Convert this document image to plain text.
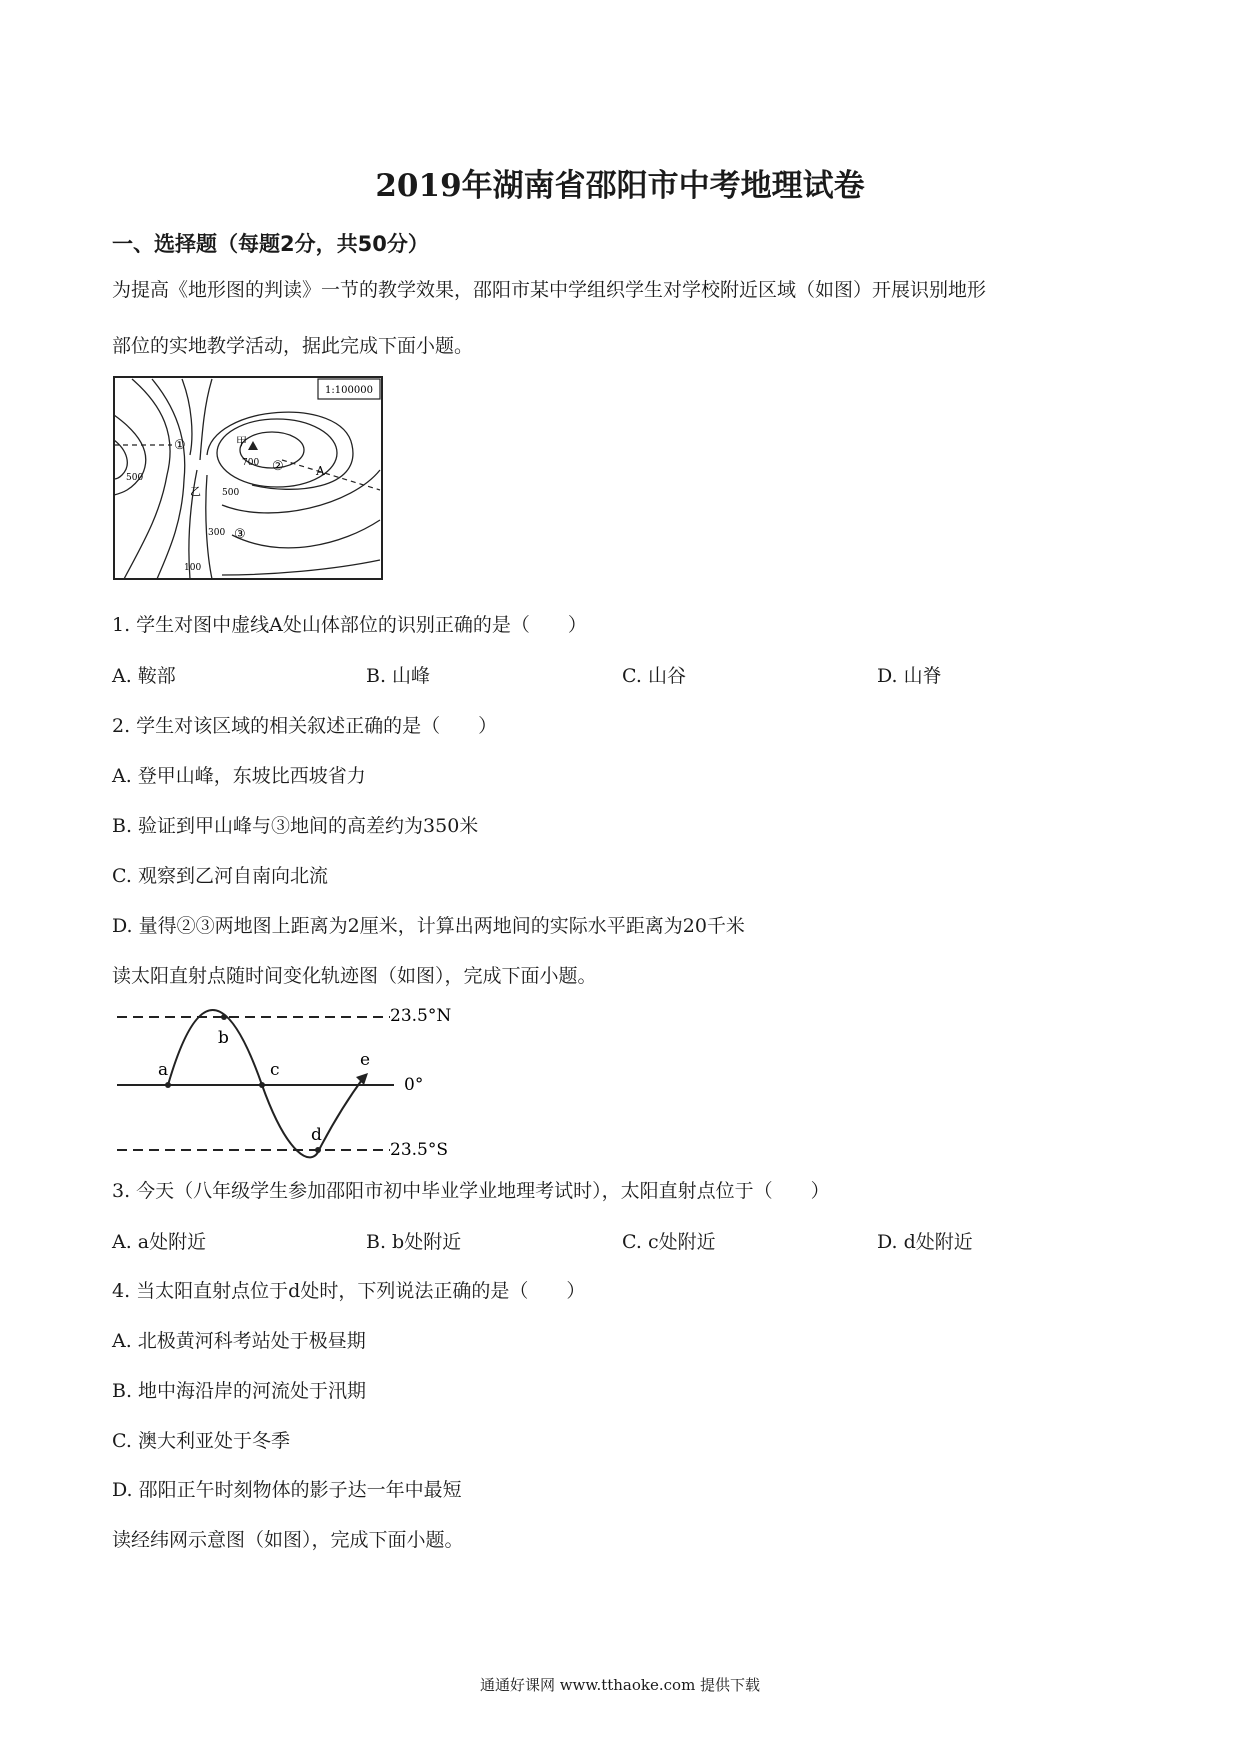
2019年湖南省邵阳市中考地理试卷
一、选择题（每题2分，共50分）
为提高《地形图的判读》一节的教学效果，邵阳市某中学组织学生对学校附近区域（如图）开展识别地形
部位的实地教学活动，据此完成下面小题。
1:100000
甲
700
①
②
③
A
500
500
300
100
乙
1. 学生对图中虚线A处山体部位的识别正确的是（　　）
A. 鞍部	B. 山峰	C. 山谷	D. 山脊
2. 学生对该区域的相关叙述正确的是（　　）
A. 登甲山峰，东坡比西坡省力
B. 验证到甲山峰与③地间的高差约为350米
C. 观察到乙河自南向北流
D. 量得②③两地图上距离为2厘米，计算出两地间的实际水平距离为20千米
读太阳直射点随时间变化轨迹图（如图），完成下面小题。
23.5°N
0°
23.5°S
a
b
c
d
e
3. 今天（八年级学生参加邵阳市初中毕业学业地理考试时），太阳直射点位于（　　）
A. a处附近	B. b处附近	C. c处附近	D. d处附近
4. 当太阳直射点位于d处时，下列说法正确的是（　　）
A. 北极黄河科考站处于极昼期
B. 地中海沿岸的河流处于汛期
C. 澳大利亚处于冬季
D. 邵阳正午时刻物体的影子达一年中最短
读经纬网示意图（如图），完成下面小题。
通通好课网 www.tthaoke.com 提供下载
